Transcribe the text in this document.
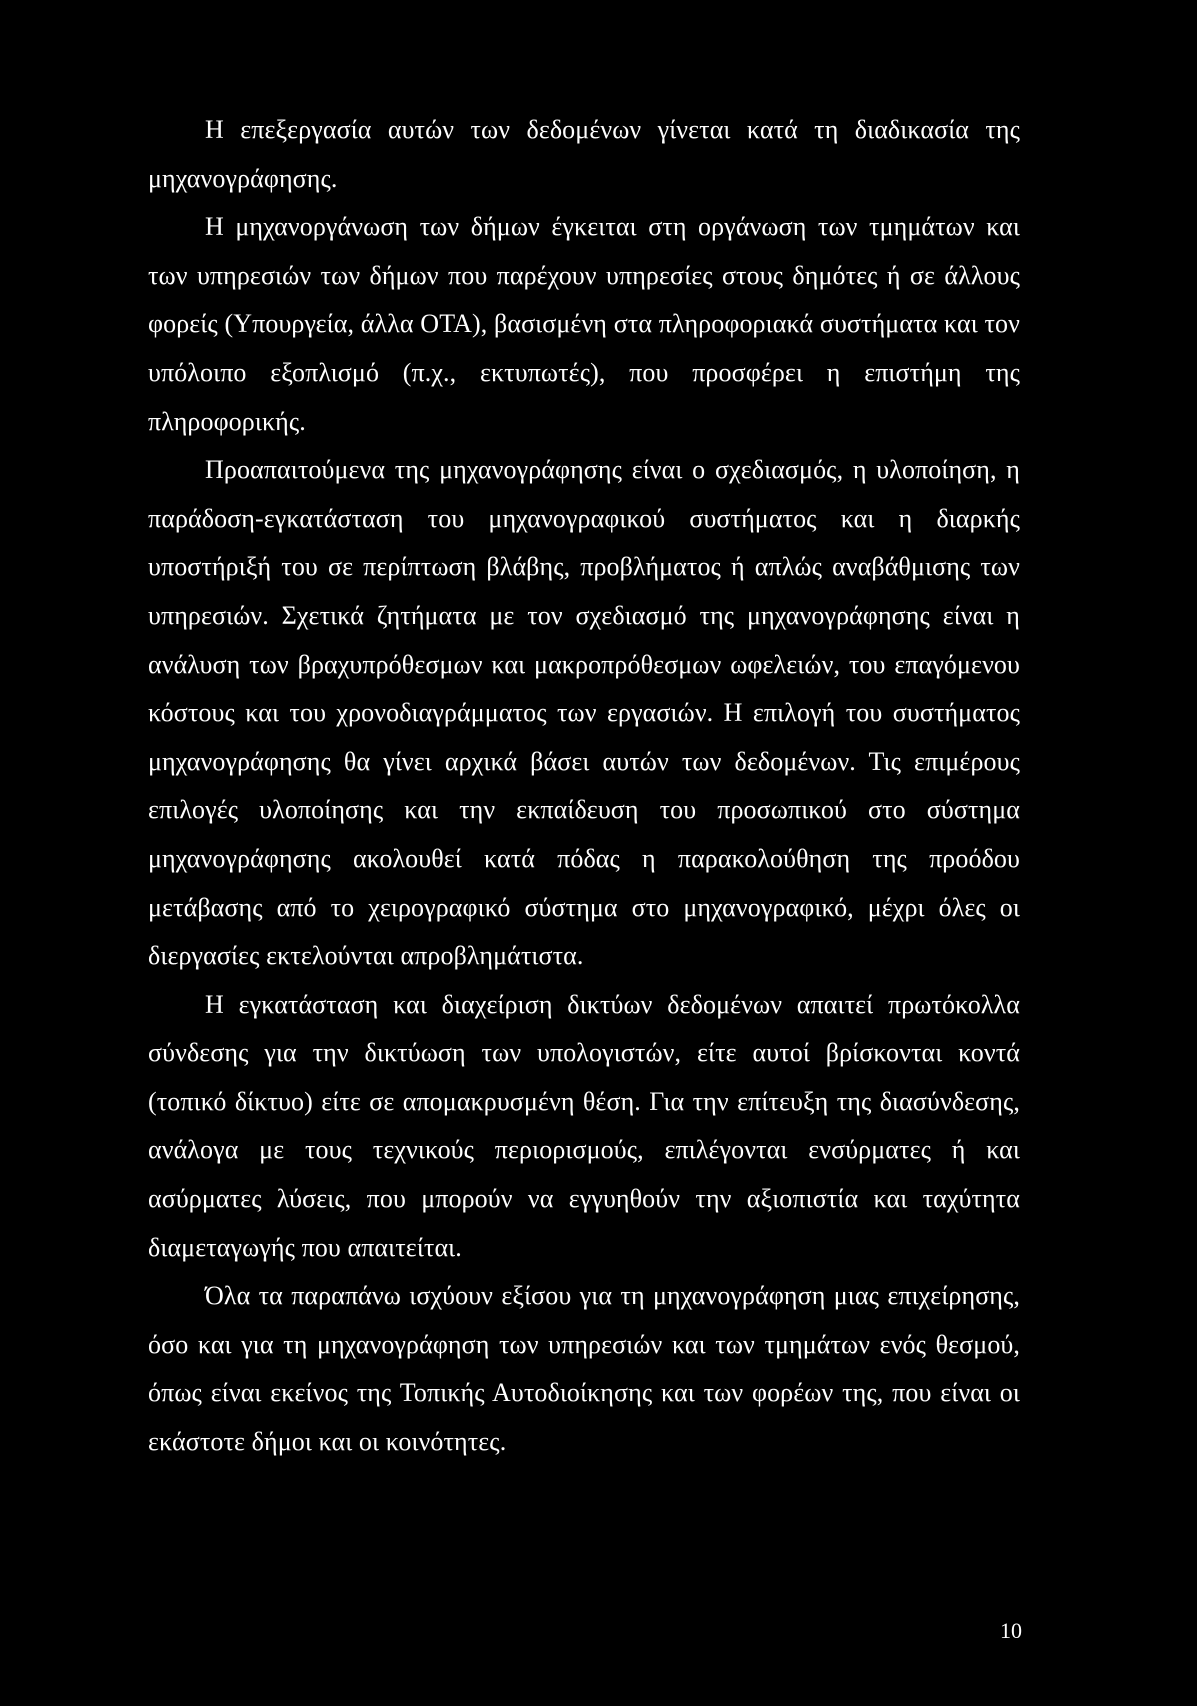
Η επεξεργασία αυτών των δεδομένων γίνεται κατά τη διαδικασία της μηχανογράφησης.

Η μηχανοργάνωση των δήμων έγκειται στη οργάνωση των τμημάτων και των υπηρεσιών των δήμων που παρέχουν υπηρεσίες στους δημότες ή σε άλλους φορείς (Υπουργεία, άλλα ΟΤΑ), βασισμένη στα πληροφοριακά συστήματα και τον υπόλοιπο εξοπλισμό (π.χ., εκτυπωτές), που προσφέρει η επιστήμη της πληροφορικής.

Προαπαιτούμενα της μηχανογράφησης είναι ο σχεδιασμός, η υλοποίηση, η παράδοση-εγκατάσταση του μηχανογραφικού συστήματος και η διαρκής υποστήριξή του σε περίπτωση βλάβης, προβλήματος ή απλώς αναβάθμισης των υπηρεσιών. Σχετικά ζητήματα με τον σχεδιασμό της μηχανογράφησης είναι η ανάλυση των βραχυπρόθεσμων και μακροπρόθεσμων ωφελειών, του επαγόμενου κόστους και του χρονοδιαγράμματος των εργασιών. Η επιλογή του συστήματος μηχανογράφησης θα γίνει αρχικά βάσει αυτών των δεδομένων. Τις επιμέρους επιλογές υλοποίησης και την εκπαίδευση του προσωπικού στο σύστημα μηχανογράφησης ακολουθεί κατά πόδας η παρακολούθηση της προόδου μετάβασης από το χειρογραφικό σύστημα στο μηχανογραφικό, μέχρι όλες οι διεργασίες εκτελούνται απροβλημάτιστα.

Η εγκατάσταση και διαχείριση δικτύων δεδομένων απαιτεί πρωτόκολλα σύνδεσης για την δικτύωση των υπολογιστών, είτε αυτοί βρίσκονται κοντά (τοπικό δίκτυο) είτε σε απομακρυσμένη θέση. Για την επίτευξη της διασύνδεσης, ανάλογα με τους τεχνικούς περιορισμούς, επιλέγονται ενσύρματες ή και ασύρματες λύσεις, που μπορούν να εγγυηθούν την αξιοπιστία και ταχύτητα διαμεταγωγής που απαιτείται.

Όλα τα παραπάνω ισχύουν εξίσου για τη μηχανογράφηση μιας επιχείρησης, όσο και για τη μηχανογράφηση των υπηρεσιών και των τμημάτων ενός θεσμού, όπως είναι εκείνος της Τοπικής Αυτοδιοίκησης και των φορέων της, που είναι οι εκάστοτε δήμοι και οι κοινότητες.

10
